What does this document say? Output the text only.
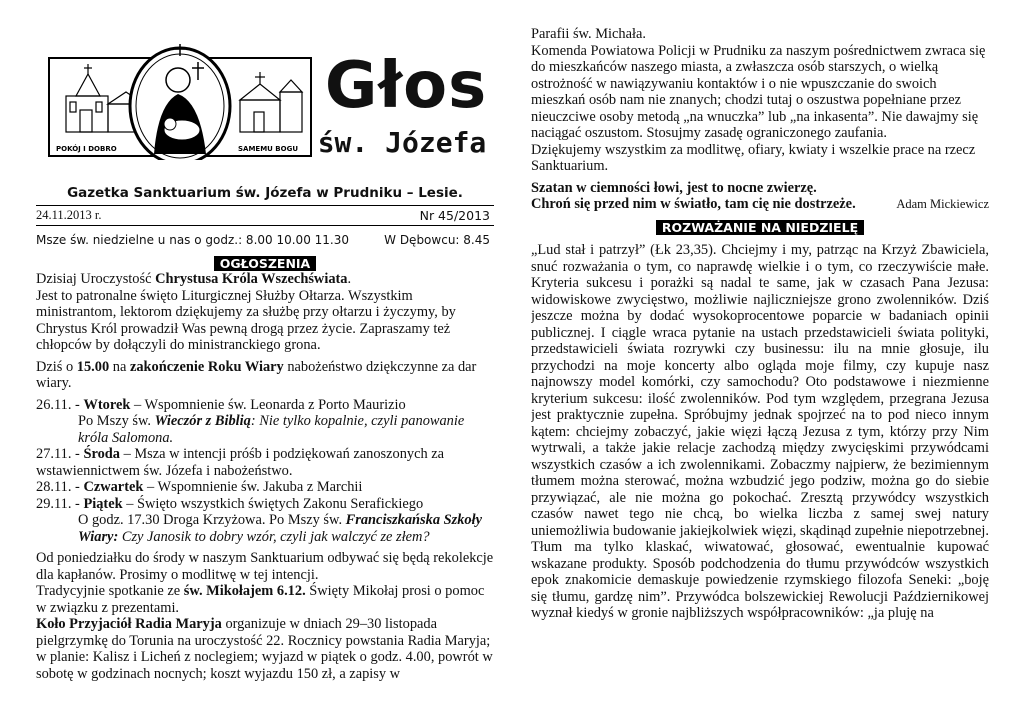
POKÓJ I DOBRO	SAMEMU BOGU
Głos
św. Józefa
Gazetka Sanktuarium św. Józefa w Prudniku – Lesie.
24.11.2013 r.	Nr 45/2013
Msze św. niedzielne u nas o godz.: 8.00 10.00 11.30	W Dębowcu: 8.45
OGŁOSZENIA

Dzisiaj Uroczystość Chrystusa Króla Wszechświata.

Jest to patronalne święto Liturgicznej Służby Ołtarza. Wszystkim ministrantom, lektorom dziękujemy za służbę przy ołtarzu i życzymy, by Chrystus Król prowadził Was pewną drogą przez życie. Zapraszamy też chłopców by dołączyli do ministranckiego grona.

Dziś o 15.00 na zakończenie Roku Wiary nabożeństwo dziękczynne za dar wiary.

26.11. - Wtorek – Wspomnienie św. Leonarda z Porto Maurizio

Po Mszy św. Wieczór z Biblią: Nie tylko kopalnie, czyli panowanie króla Salomona.

27.11. - Środa – Msza w intencji próśb i podziękowań zanoszonych za wstawiennictwem św. Józefa i nabożeństwo.

28.11. - Czwartek – Wspomnienie św. Jakuba z Marchii

29.11. - Piątek – Święto wszystkich świętych Zakonu Serafickiego

O godz. 17.30 Droga Krzyżowa. Po Mszy św. Franciszkańska Szkoły Wiary: Czy Janosik to dobry wzór, czyli jak walczyć ze złem?

Od poniedziałku do środy w naszym Sanktuarium odbywać się będą rekolekcje dla kapłanów. Prosimy o modlitwę w tej intencji.

Tradycyjnie spotkanie ze św. Mikołajem 6.12. Święty Mikołaj prosi o pomoc w związku z prezentami.

Koło Przyjaciół Radia Maryja organizuje w dniach 29–30 listopada pielgrzymkę do Torunia na uroczystość 22. Rocznicy powstania Radia Maryja; w planie: Kalisz i Licheń z noclegiem; wyjazd w piątek o godz. 4.00, powrót w sobotę w godzinach nocnych; koszt wyjazdu 150 zł, a zapisy w

Parafii św. Michała.

Komenda Powiatowa Policji w Prudniku za naszym pośrednictwem zwraca się do mieszkańców naszego miasta, a zwłaszcza osób starszych, o wielką ostrożność w nawiązywaniu kontaktów i o nie wpuszczanie do swoich mieszkań osób nam nie znanych; chodzi tutaj o oszustwa popełniane przez nieuczciwe osoby metodą „na wnuczka” lub „na inkasenta”. Nie dawajmy się naciągać oszustom. Stosujmy zasadę ograniczonego zaufania.

Dziękujemy wszystkim za modlitwę, ofiary, kwiaty i wszelkie prace na rzecz Sanktuarium.

Szatan w ciemności łowi, jest to nocne zwierzę.

Chroń się przed nim w światło, tam cię nie dostrzeże.	Adam Mickiewicz

ROZWAŻANIE NA NIEDZIELĘ

„Lud stał i patrzył” (Łk 23,35). Chciejmy i my, patrząc na Krzyż Zbawiciela, snuć rozważania o tym, co naprawdę wielkie i o tym, co rzeczywiście małe. Kryteria sukcesu i porażki są nadal te same, jak w czasach Pana Jezusa: widowiskowe zwycięstwo, możliwie najliczniejsze grono zwolenników. Dziś jeszcze można by dodać wysokoprocentowe poparcie w badaniach opinii publicznej. I ciągle wraca pytanie na ustach przedstawicieli świata polityki, przedstawicieli świata rozrywki czy businessu: ilu na mnie głosuje, ilu przychodzi na moje koncerty albo ogląda moje filmy, czy kupuje nasz najnowszy model komórki, czy samochodu? Oto podstawowe i niezmienne kryterium sukcesu: ilość zwolenników. Pod tym względem, przegrana Jezusa jest praktycznie zupełna. Spróbujmy jednak spojrzeć na to pod nieco innym kątem: chciejmy zobaczyć, jakie więzi łączą Jezusa z tym, którzy przy Nim wytrwali, a także jakie relacje zachodzą między zwycięskimi przywódcami wszystkich czasów a ich zwolennikami. Zobaczmy najpierw, że bezimiennym tłumem można sterować, można wzbudzić jego podziw, można go do siebie przywiązać, ale nie można go pokochać. Zresztą przywódcy wszystkich czasów nawet tego nie chcą, bo wielka liczba z samej swej natury uniemożliwia budowanie jakiejkolwiek więzi, skądinąd zupełnie niepotrzebnej. Tłum ma tylko klaskać, wiwatować, głosować, ewentualnie kupować wskazane produkty. Sposób podchodzenia do tłumu przywódców wszystkich epok znakomicie demaskuje powiedzenie rzymskiego filozofa Seneki: „boję się tłumu, gardzę nim”. Przywódca bolszewickiej Rewolucji Październikowej wyznał kiedyś w gronie najbliższych współpracowników: „ja pluję na
